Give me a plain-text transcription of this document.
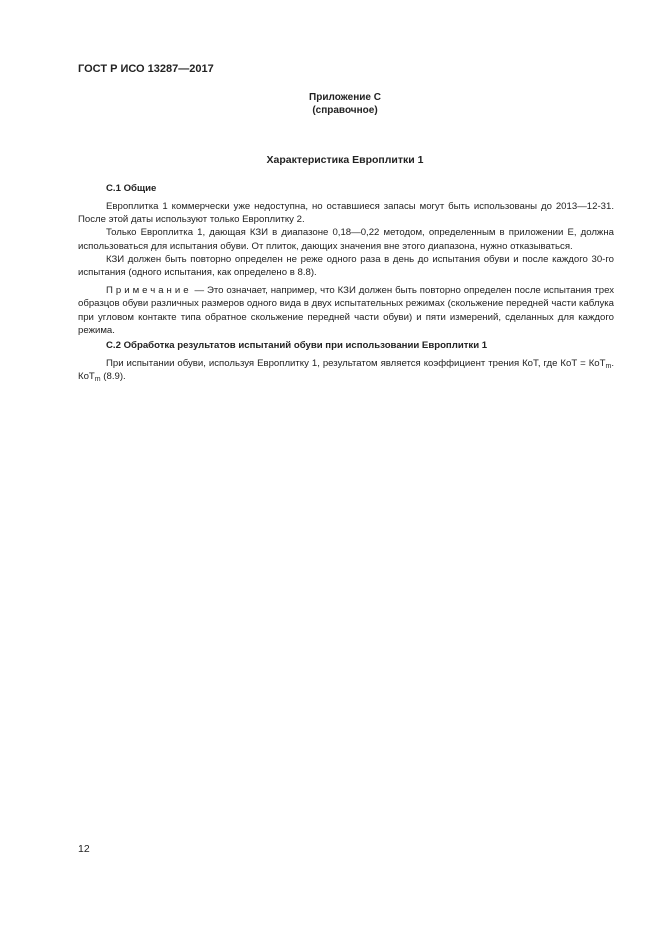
ГОСТ Р ИСО 13287—2017
Приложение С
(справочное)
Характеристика Европлитки 1
С.1 Общие

Европлитка 1 коммерчески уже недоступна, но оставшиеся запасы могут быть использованы до 2013—12-31. После этой даты используют только Европлитку 2.

Только Европлитка 1, дающая КЗИ в диапазоне 0,18—0,22 методом, определенным в приложении Е, должна использоваться для испытания обуви. От плиток, дающих значения вне этого диапазона, нужно отказываться.

КЗИ должен быть повторно определен не реже одного раза в день до испытания обуви и после каждого 30-го испытания (одного испытания, как определено в 8.8).

Примечание — Это означает, например, что КЗИ должен быть повторно определен после испытания трех образцов обуви различных размеров одного вида в двух испытательных режимах (скольжение передней части каблука при угловом контакте типа обратное скольжение передней части обуви) и пяти измерений, сделанных для каждого режима.

С.2 Обработка результатов испытаний обуви при использовании Европлитки 1

При испытании обуви, используя Европлитку 1, результатом является коэффициент трения КоТ, где КоТ = КоТ$_m$. КоТ$_m$ (8.9).

12
